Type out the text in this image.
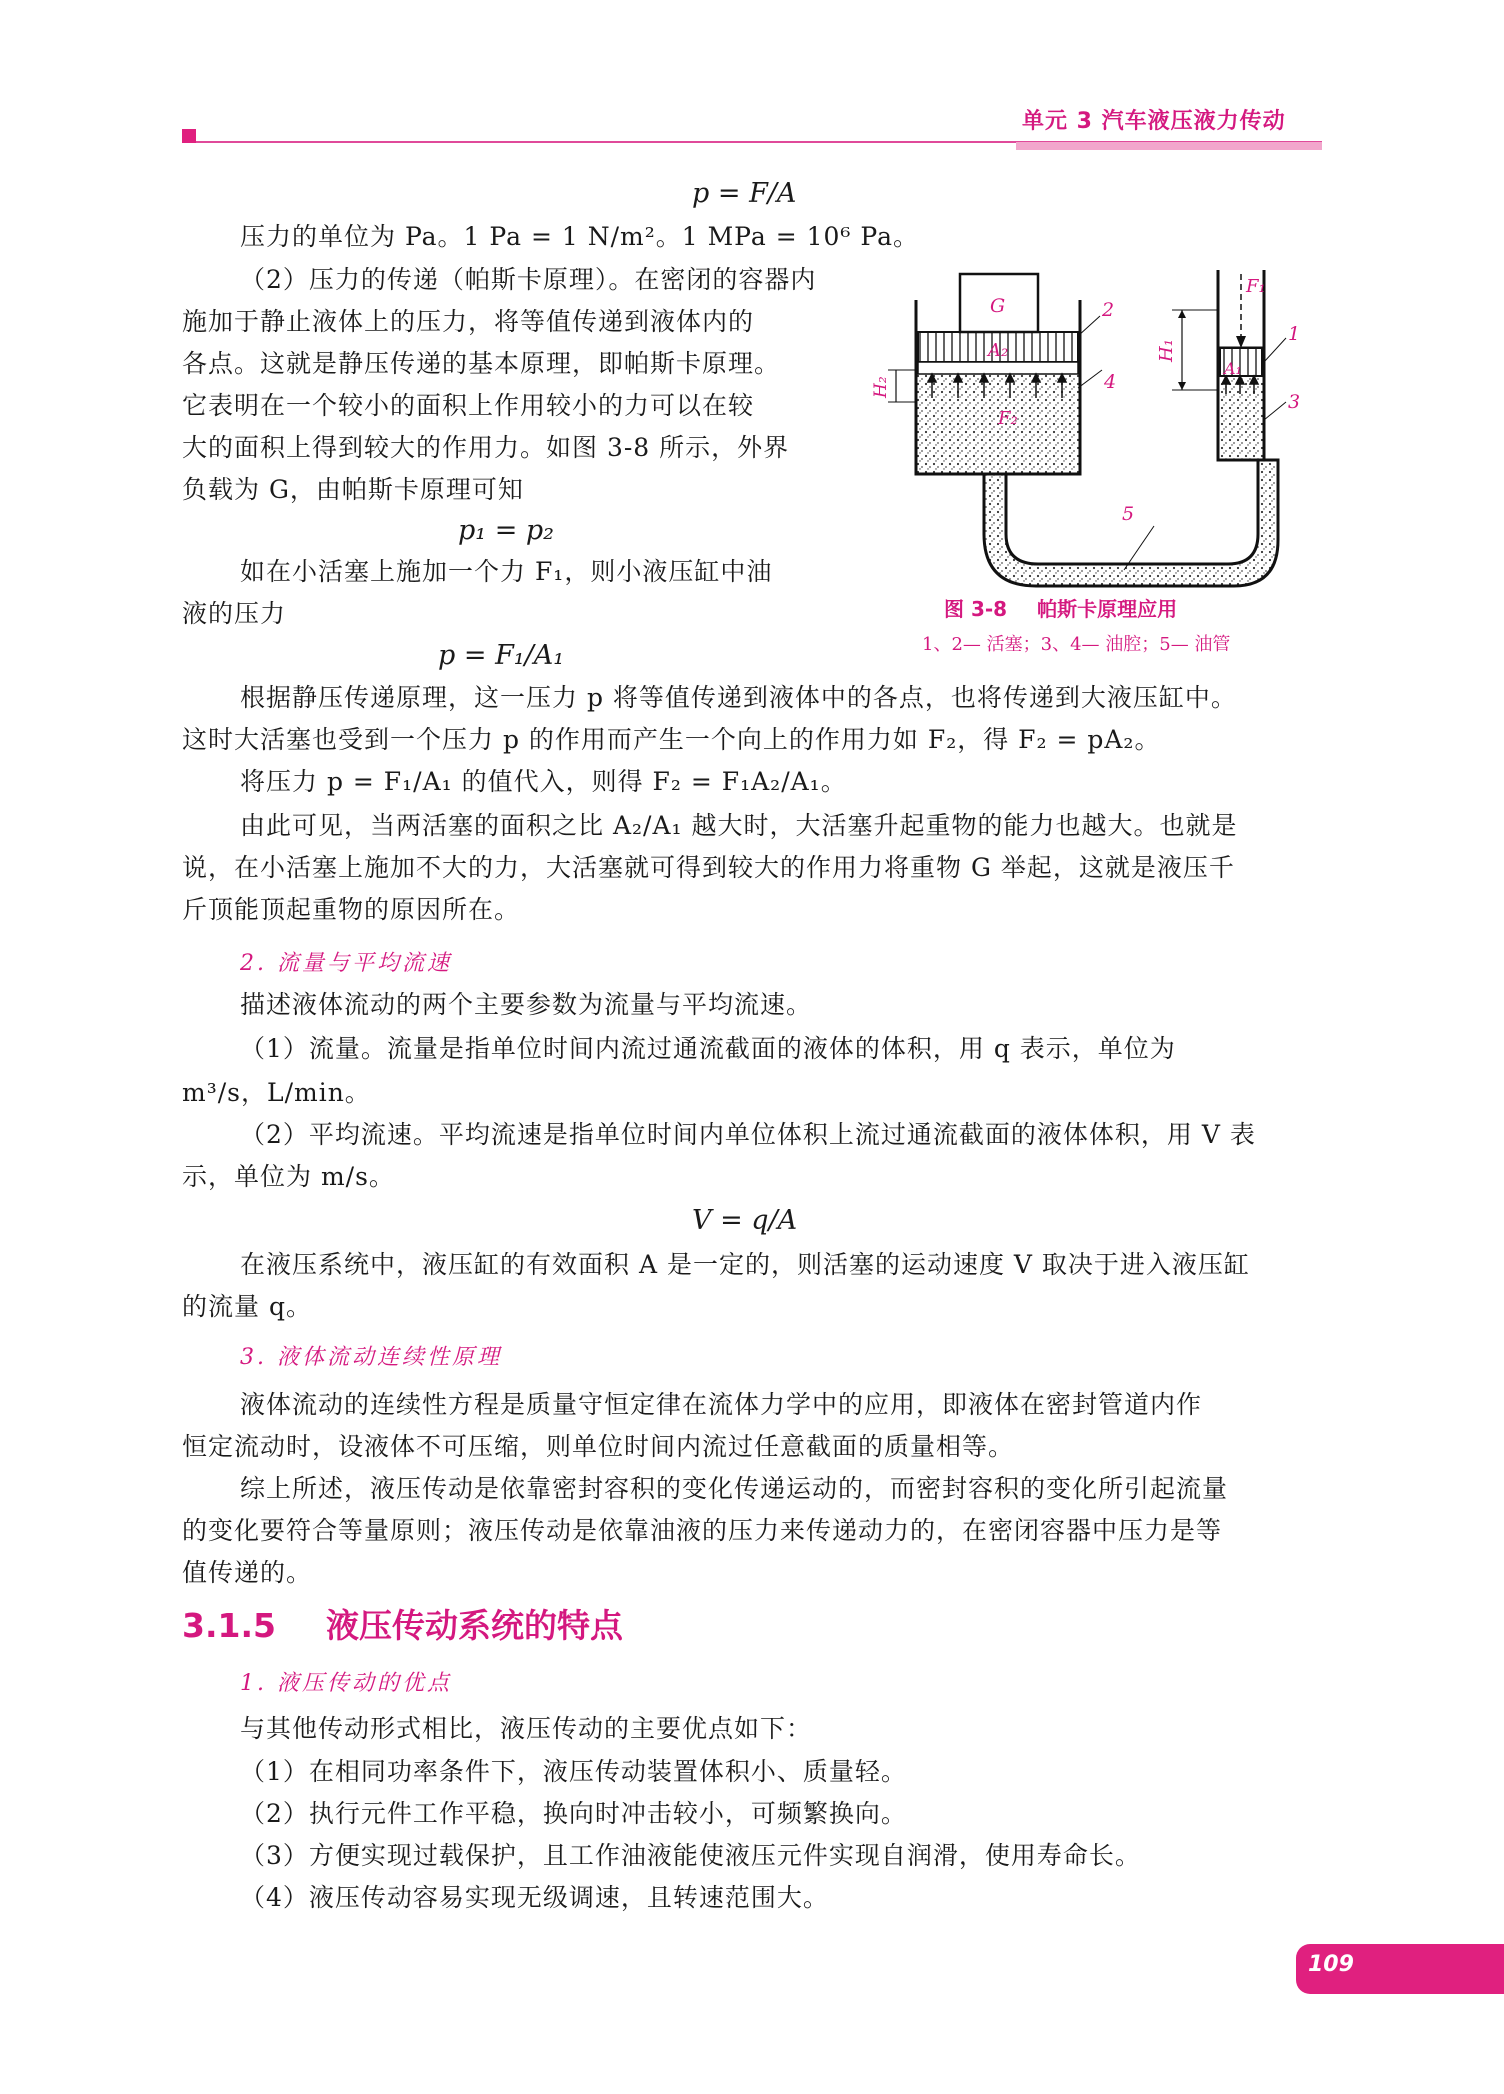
单元 3 汽车液压液力传动
p = F/A
压力的单位为 Pa。1 Pa = 1 N/m²。1 MPa = 10⁶ Pa。
（2）压力的传递（帕斯卡原理）。在密闭的容器内
施加于静止液体上的压力，将等值传递到液体内的
各点。这就是静压传递的基本原理，即帕斯卡原理。
它表明在一个较小的面积上作用较小的力可以在较
大的面积上得到较大的作用力。如图 3-8 所示，外界
负载为 G，由帕斯卡原理可知
p₁ = p₂
如在小活塞上施加一个力 F₁，则小液压缸中油
液的压力
p = F₁/A₁
G
A₂
F₂
F₁
A₁
H₁
H₂
2
4
1
3
5
图 3-8 帕斯卡原理应用
1、2— 活塞；3、4— 油腔；5— 油管
根据静压传递原理，这一压力 p 将等值传递到液体中的各点，也将传递到大液压缸中。
这时大活塞也受到一个压力 p 的作用而产生一个向上的作用力如 F₂，得 F₂ = pA₂。
将压力 p = F₁/A₁ 的值代入，则得 F₂ = F₁A₂/A₁。
由此可见，当两活塞的面积之比 A₂/A₁ 越大时，大活塞升起重物的能力也越大。也就是
说，在小活塞上施加不大的力，大活塞就可得到较大的作用力将重物 G 举起，这就是液压千
斤顶能顶起重物的原因所在。
2. 流量与平均流速
描述液体流动的两个主要参数为流量与平均流速。
（1）流量。流量是指单位时间内流过通流截面的液体的体积，用 q 表示，单位为
m³/s，L/min。
（2）平均流速。平均流速是指单位时间内单位体积上流过通流截面的液体体积，用 V 表
示，单位为 m/s。
V = q/A
在液压系统中，液压缸的有效面积 A 是一定的，则活塞的运动速度 V 取决于进入液压缸
的流量 q。
3. 液体流动连续性原理
液体流动的连续性方程是质量守恒定律在流体力学中的应用，即液体在密封管道内作
恒定流动时，设液体不可压缩，则单位时间内流过任意截面的质量相等。
综上所述，液压传动是依靠密封容积的变化传递运动的，而密封容积的变化所引起流量
的变化要符合等量原则；液压传动是依靠油液的压力来传递动力的，在密闭容器中压力是等
值传递的。
3.1.5 液压传动系统的特点
1. 液压传动的优点
与其他传动形式相比，液压传动的主要优点如下：
（1）在相同功率条件下，液压传动装置体积小、质量轻。
（2）执行元件工作平稳，换向时冲击较小，可频繁换向。
（3）方便实现过载保护，且工作油液能使液压元件实现自润滑，使用寿命长。
（4）液压传动容易实现无级调速，且转速范围大。
109
